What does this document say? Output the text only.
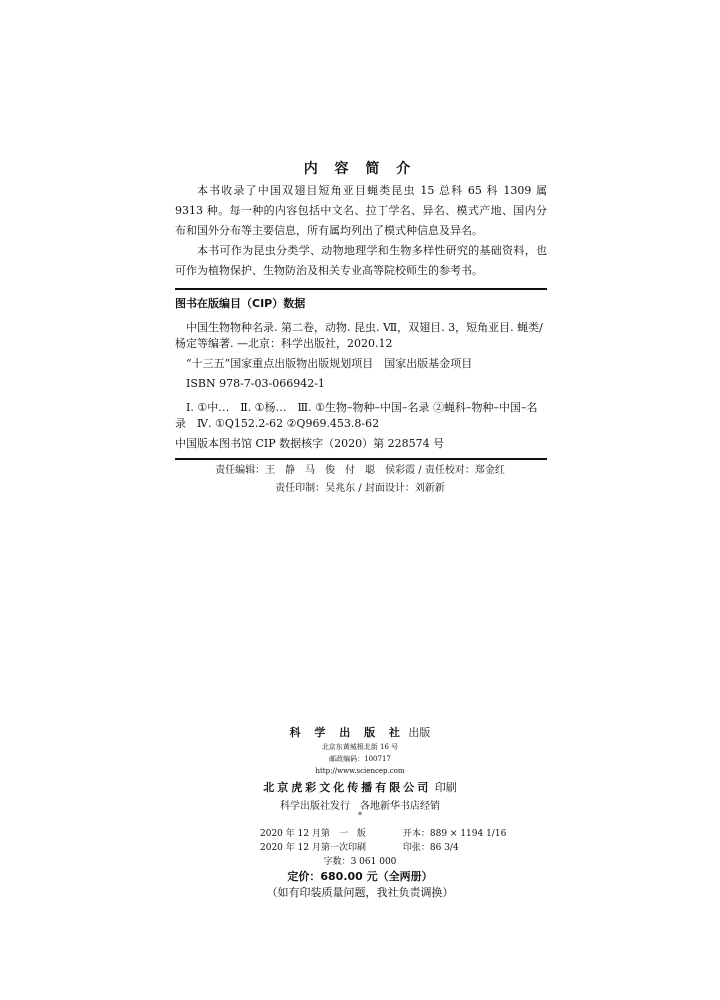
内 容 简 介

本书收录了中国双翅目短角亚目蝇类昆虫 15 总科 65 科 1309 属 9313 种。每一种的内容包括中文名、拉丁学名、异名、模式产地、国内分布和国外分布等主要信息，所有属均列出了模式种信息及异名。

本书可作为昆虫分类学、动物地理学和生物多样性研究的基础资料，也可作为植物保护、生物防治及相关专业高等院校师生的参考书。

图书在版编目（CIP）数据

中国生物物种名录. 第二卷，动物. 昆虫. Ⅶ，双翅目. 3，短角亚目. 蝇类/杨定等编著. —北京：科学出版社，2020.12

“十三五”国家重点出版物出版规划项目　国家出版基金项目

ISBN 978-7-03-066942-1

Ⅰ. ①中…　Ⅱ. ①杨…　Ⅲ. ①生物–物种–中国–名录 ②蝇科–物种–中国–名录　Ⅳ. ①Q152.2-62 ②Q969.453.8-62

中国版本图书馆 CIP 数据核字（2020）第 228574 号
责任编辑：王　静　马　俊　付　聪　侯彩霞 / 责任校对：郑金红
责任印制：吴兆东 / 封面设计：刘新新
科 学 出 版 社 出版
北京东黄城根北街 16 号
邮政编码：100717
http://www.sciencep.com
北京虎彩文化传播有限公司 印刷
科学出版社发行　各地新华书店经销
*
2020 年 12 月第　一　版	开本：889 × 1194 1/16
2020 年 12 月第一次印刷	印张：86 3/4
字数：3 061 000
定价：680.00 元（全两册）
（如有印装质量问题，我社负责调换）
